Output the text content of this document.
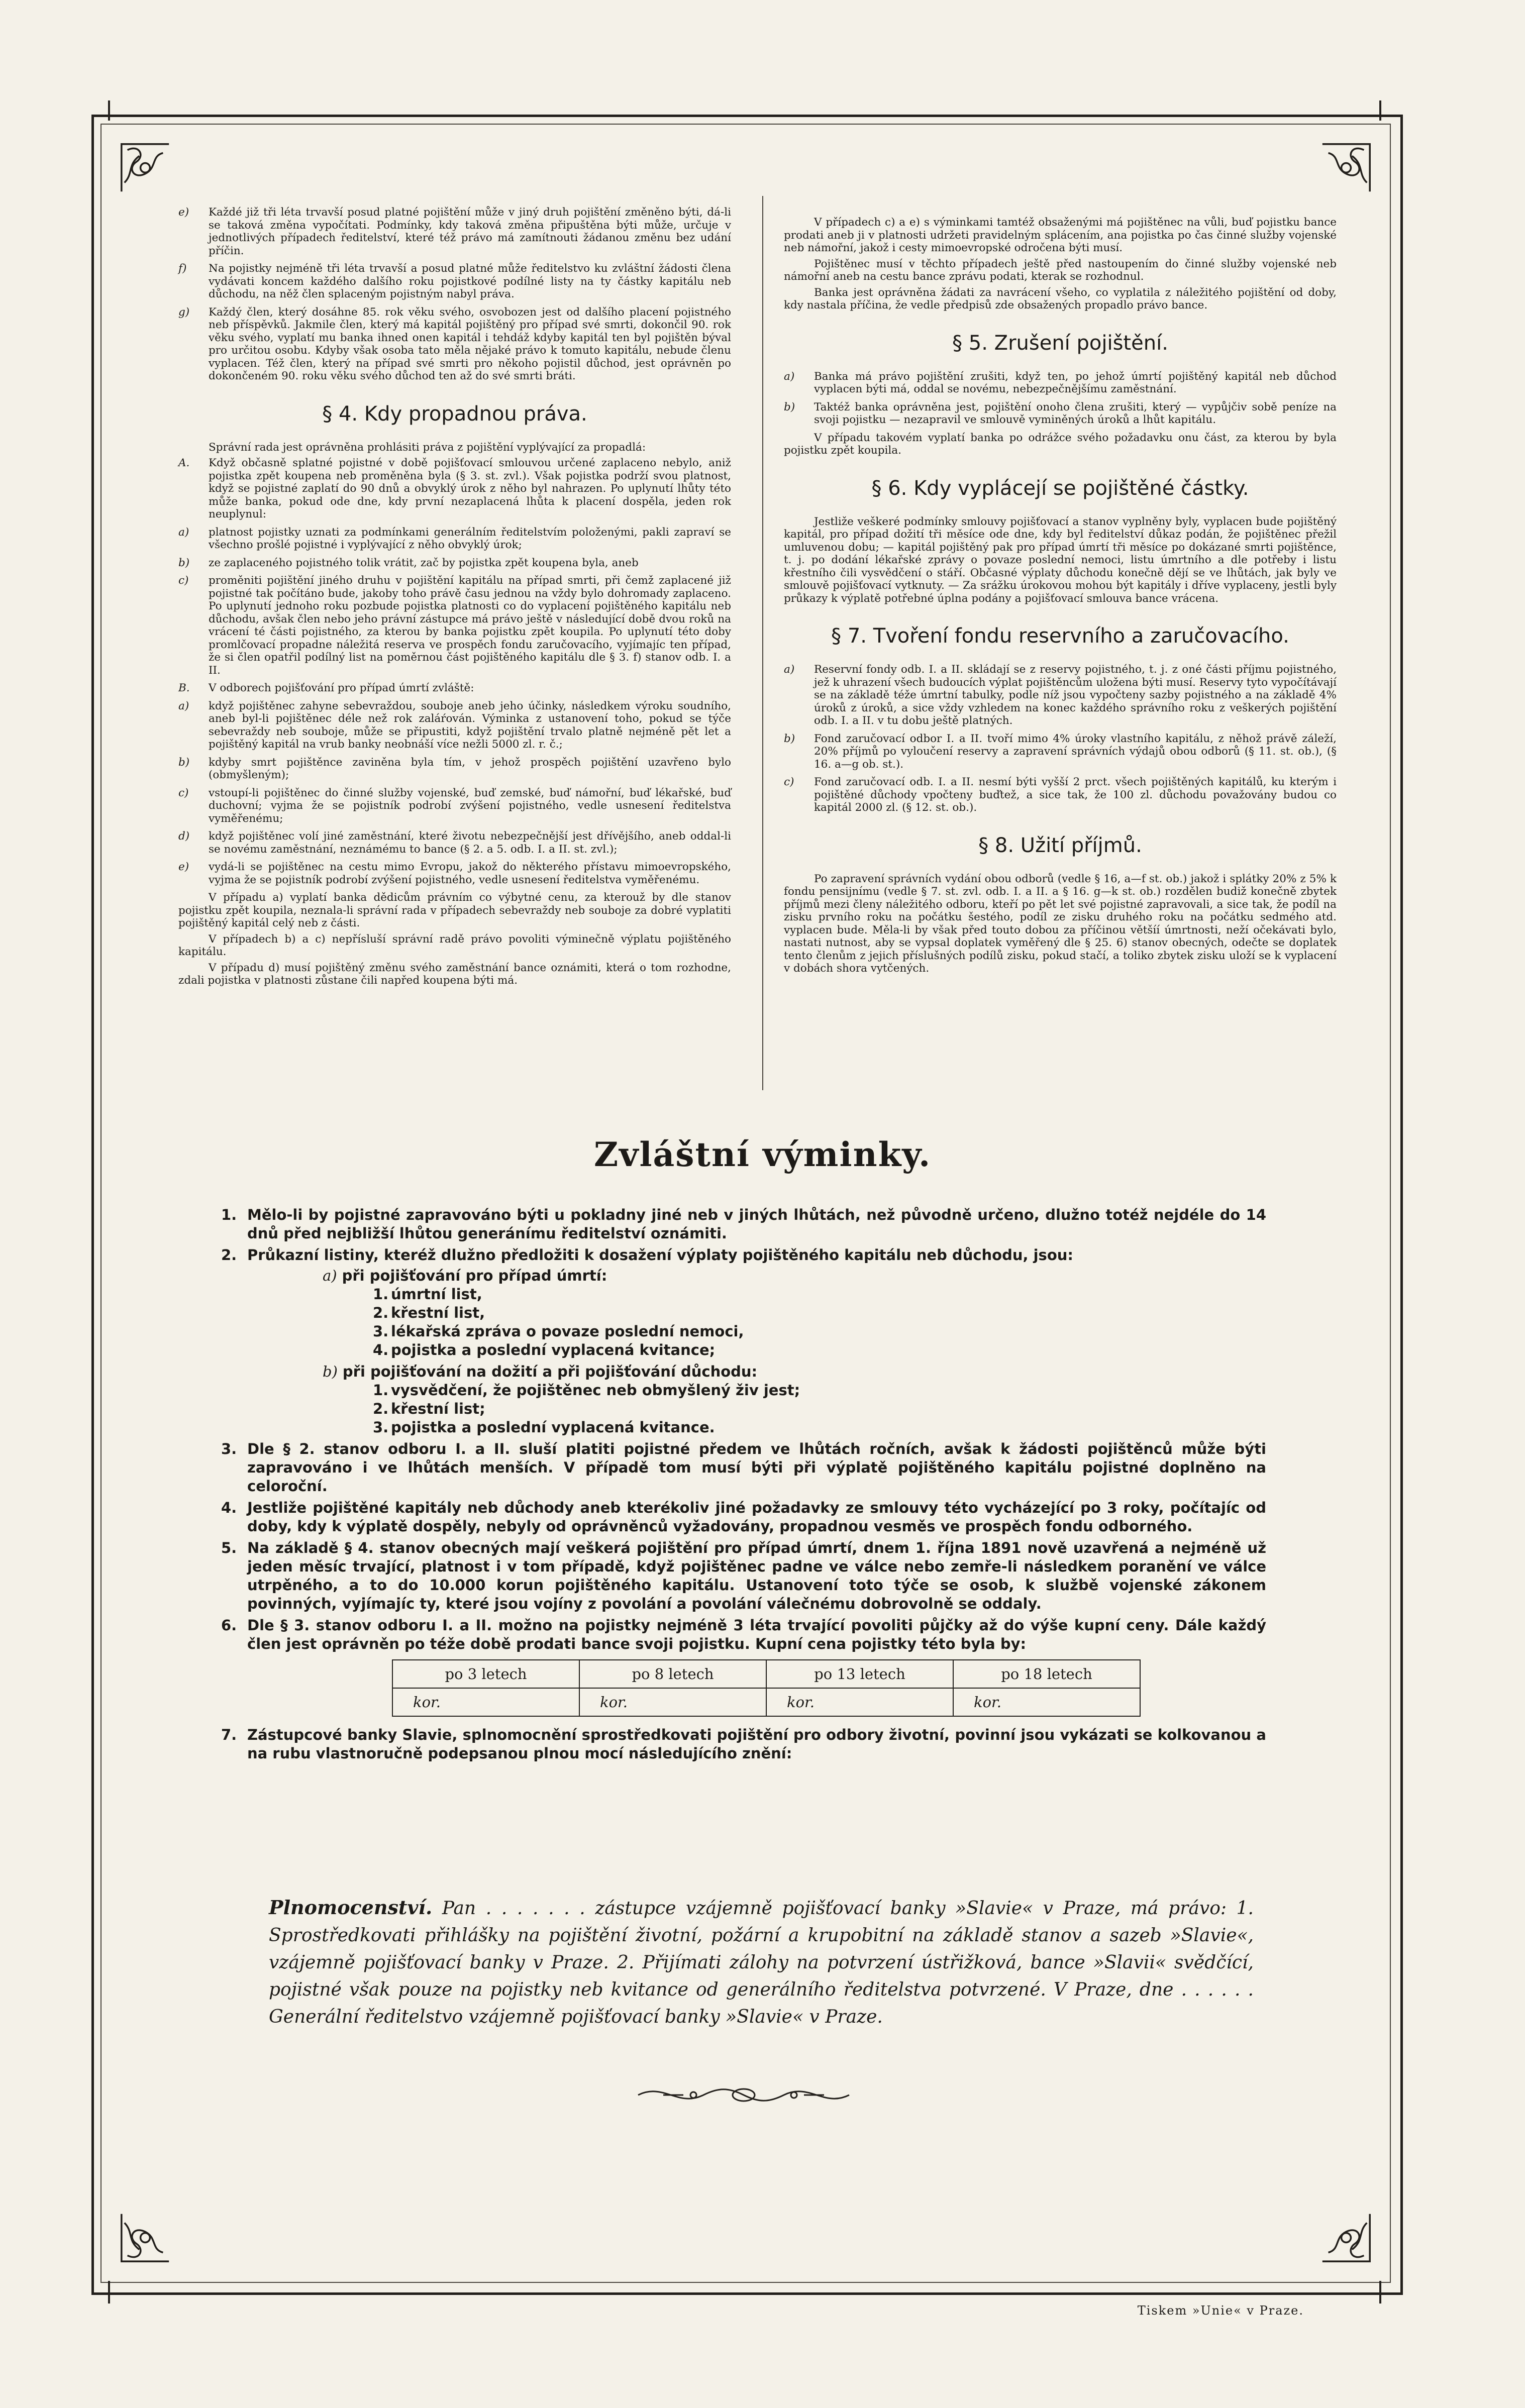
e) Každé již tři léta trvavší posud platné pojištění může v jiný druh pojištění změněno býti, dá-li se taková změna vypočítati. Podmínky, kdy taková změna připuštěna býti může, určuje v jednotlivých případech ředitelství, které též právo má zamítnouti žádanou změnu bez udání příčin.
f) Na pojistky nejméně tři léta trvavší a posud platné může ředitelstvo ku zvláštní žádosti člena vydávati koncem každého dalšího roku pojistkové podílné listy na ty částky kapitálu neb důchodu, na něž člen splaceným pojistným nabyl práva.
g) Každý člen, který dosáhne 85. rok věku svého, osvobozen jest od dalšího placení pojistného neb příspěvků. Jakmile člen, který má kapitál pojištěný pro případ své smrti, dokončil 90. rok věku svého, vyplatí mu banka ihned onen kapitál i tehdáž kdyby kapitál ten byl pojištěn býval pro určitou osobu. Kdyby však osoba tato měla nějaké právo k tomuto kapitálu, nebude členu vyplacen. Též člen, který na případ své smrti pro někoho pojistil důchod, jest oprávněn po dokončeném 90. roku věku svého důchod ten až do své smrti bráti.
§ 4. Kdy propadnou práva.

Správní rada jest oprávněna prohlásiti práva z pojištění vyplývající za propadlá:

A. Když občasně splatné pojistné v době pojišťovací smlouvou určené zaplaceno nebylo, aniž pojistka zpět koupena neb proměněna byla (§ 3. st. zvl.). Však pojistka podrží svou platnost, když se pojistné zaplatí do 90 dnů a obvyklý úrok z něho byl nahrazen. Po uplynutí lhůty této může banka, pokud ode dne, kdy první nezaplacená lhůta k placení dospěla, jeden rok neuplynul:
a) platnost pojistky uznati za podmínkami generálním ředitelstvím položenými, pakli zapraví se všechno prošlé pojistné i vyplývající z něho obvyklý úrok;
b) ze zaplaceného pojistného tolik vrátit, zač by pojistka zpět koupena byla, aneb
c) proměniti pojištění jiného druhu v pojištění kapitálu na případ smrti, při čemž zaplacené již pojistné tak počítáno bude, jakoby toho právě času jednou na vždy bylo dohromady zaplaceno. Po uplynutí jednoho roku pozbude pojistka platnosti co do vyplacení pojištěného kapitálu neb důchodu, avšak člen nebo jeho právní zástupce má právo ještě v následující době dvou roků na vrácení té části pojistného, za kterou by banka pojistku zpět koupila. Po uplynutí této doby promlčovací propadne náležitá reserva ve prospěch fondu zaručovacího, vyjímajíc ten případ, že si člen opatřil podílný list na poměrnou část pojištěného kapitálu dle § 3. f) stanov odb. I. a II.
B. V odborech pojišťování pro případ úmrtí zvláště:
a) když pojištěnec zahyne sebevraždou, souboje aneb jeho účinky, následkem výroku soudního, aneb byl-li pojištěnec déle než rok zaláŕován. Výminka z ustanovení toho, pokud se týče sebevraždy neb souboje, může se připustiti, když pojištění trvalo platně nejméně pět let a pojištěný kapitál na vrub banky neobnáší více nežli 5000 zl. r. č.;
b) kdyby smrt pojištěnce zaviněna byla tím, v jehož prospěch pojištění uzavřeno bylo (obmyšleným);
c) vstoupí-li pojištěnec do činné služby vojenské, buď zemské, buď námořní, buď lékařské, buď duchovní; vyjma že se pojistník podrobí zvýšení pojistného, vedle usnesení ředitelstva vyměřenému;
d) když pojištěnec volí jiné zaměstnání, které životu nebezpečnější jest dřívějšího, aneb oddal-li se novému zaměstnání, neznámému to bance (§ 2. a 5. odb. I. a II. st. zvl.);
e) vydá-li se pojištěnec na cestu mimo Evropu, jakož do některého přístavu mimoevropského, vyjma že se pojistník podrobí zvýšení pojistného, vedle usnesení ředitelstva vyměřenému.

V případu a) vyplatí banka dědicům právním co výbytné cenu, za kterouž by dle stanov pojistku zpět koupila, neznala-li správní rada v případech sebevraždy neb souboje za dobré vyplatiti pojištěný kapitál celý neb z části.

V případech b) a c) nepřísluší správní radě právo povoliti výminečně výplatu pojištěného kapitálu.

V případu d) musí pojištěný změnu svého zaměstnání bance oznámiti, která o tom rozhodne, zdali pojistka v platnosti zůstane čili napřed koupena býti má.

V případech c) a e) s výminkami tamtéž obsaženými má pojištěnec na vůli, buď pojistku bance prodati aneb ji v platnosti udržeti pravidelným splácením, ana pojistka po čas činné služby vojenské neb námořní, jakož i cesty mimoevropské odročena býti musí.

Pojištěnec musí v těchto případech ještě před nastoupením do činné služby vojenské neb námořní aneb na cestu bance zprávu podati, kterak se rozhodnul.

Banka jest oprávněna žádati za navrácení všeho, co vyplatila z náležitého pojištění od doby, kdy nastala příčina, že vedle předpisů zde obsažených propadlo právo bance.

§ 5. Zrušení pojištění.
a) Banka má právo pojištění zrušiti, když ten, po jehož úmrtí pojištěný kapitál neb důchod vyplacen býti má, oddal se novému, nebezpečnějšímu zaměstnání.
b) Taktéž banka oprávněna jest, pojištění onoho člena zrušiti, který — vypůjčiv sobě peníze na svoji pojistku — nezapravil ve smlouvě vyminěných úroků a lhůt kapitálu.

V případu takovém vyplatí banka po odrážce svého požadavku onu část, za kterou by byla pojistku zpět koupila.

§ 6. Kdy vyplácejí se pojištěné částky.

Jestliže veškeré podmínky smlouvy pojišťovací a stanov vyplněny byly, vyplacen bude pojištěný kapitál, pro případ dožití tři měsíce ode dne, kdy byl ředitelství důkaz podán, že pojištěnec přežil umluvenou dobu; — kapitál pojištěný pak pro případ úmrtí tři měsíce po dokázané smrti pojištěnce, t. j. po dodání lékařské zprávy o povaze poslední nemoci, listu úmrtního a dle potřeby i listu křestního čili vysvědčení o stáří. Občasné výplaty důchodu konečně dějí se ve lhůtách, jak byly ve smlouvě pojišťovací vytknuty. — Za srážku úrokovou mohou být kapitály i dříve vyplaceny, jestli byly průkazy k výplatě potřebné úplna podány a pojišťovací smlouva bance vrácena.

§ 7. Tvoření fondu reservního a zaručovacího.
a) Reservní fondy odb. I. a II. skládají se z reservy pojistného, t. j. z oné části příjmu pojistného, jež k uhrazení všech budoucích výplat pojištěncům uložena býti musí. Reservy tyto vypočítávají se na základě téže úmrtní tabulky, podle níž jsou vypočteny sazby pojistného a na základě 4% úroků z úroků, a sice vždy vzhledem na konec každého správního roku z veškerých pojištění odb. I. a II. v tu dobu ještě platných.
b) Fond zaručovací odbor I. a II. tvoří mimo 4% úroky vlastního kapitálu, z něhož právě záleží, 20% příjmů po vyloučení reservy a zapravení správních výdajů obou odborů (§ 11. st. ob.), (§ 16. a—g ob. st.).
c) Fond zaručovací odb. I. a II. nesmí býti vyšší 2 prct. všech pojištěných kapitálů, ku kterým i pojištěné důchody vpočteny buďtež, a sice tak, že 100 zl. důchodu považovány budou co kapitál 2000 zl. (§ 12. st. ob.).
§ 8. Užití příjmů.

Po zapravení správních vydání obou odborů (vedle § 16, a—f st. ob.) jakož i splátky 20% z 5% k fondu pensijnímu (vedle § 7. st. zvl. odb. I. a II. a § 16. g—k st. ob.) rozdělen budiž konečně zbytek příjmů mezi členy náležitého odboru, kteří po pět let své pojistné zapravovali, a sice tak, že podíl na zisku prvního roku na počátku šestého, podíl ze zisku druhého roku na počátku sedmého atd. vyplacen bude. Měla-li by však před touto dobou za příčinou většíí úmrtnosti, neží očekávati bylo, nastati nutnost, aby se vypsal doplatek vyměřený dle § 25. 6) stanov obecných, odečte se doplatek tento členům z jejich příslušných podílů zisku, pokud stačí, a toliko zbytek zisku uloží se k vyplacení v dobách shora vytčených.

Zvláštní výminky.
1. Mělo-li by pojistné zapravováno býti u pokladny jiné neb v jiných lhůtách, než původně určeno, dlužno totéž nejdéle do 14 dnů před nejbližší lhůtou generánímu ředitelství oznámiti.
2. Průkazní listiny, kteréž dlužno předložiti k dosažení výplaty pojištěného kapitálu neb důchodu, jsou:
a) při pojišťování pro případ úmrtí:
1. úmrtní list,
2. křestní list,
3. lékařská zpráva o povaze poslední nemoci,
4. pojistka a poslední vyplacená kvitance;
b) při pojišťování na dožití a při pojišťování důchodu:
1. vysvědčení, že pojištěnec neb obmyšlený živ jest;
2. křestní list;
3. pojistka a poslední vyplacená kvitance.
3. Dle § 2. stanov odboru I. a II. sluší platiti pojistné předem ve lhůtách ročních, avšak k žádosti pojištěnců může býti zapravováno i ve lhůtách menších. V případě tom musí býti při výplatě pojištěného kapitálu pojistné doplněno na celoroční.
4. Jestliže pojištěné kapitály neb důchody aneb kterékoliv jiné požadavky ze smlouvy této vycházející po 3 roky, počítajíc od doby, kdy k výplatě dospěly, nebyly od oprávněnců vyžadovány, propadnou vesměs ve prospěch fondu odborného.
5. Na základě § 4. stanov obecných mají veškerá pojištění pro případ úmrtí, dnem 1. října 1891 nově uzavřená a nejméně už jeden měsíc trvající, platnost i v tom případě, když pojištěnec padne ve válce nebo zemře-li následkem poranění ve válce utrpěného, a to do 10.000 korun pojištěného kapitálu. Ustanovení toto týče se osob, k službě vojenské zákonem povinných, vyjímajíc ty, které jsou vojíny z povolání a povolání válečnému dobrovolně se oddaly.
6. Dle § 3. stanov odboru I. a II. možno na pojistky nejméně 3 léta trvající povoliti půjčky až do výše kupní ceny. Dále každý člen jest oprávněn po téže době prodati bance svoji pojistku. Kupní cena pojistky této byla by:
po 3 letech	po 8 letech	po 13 letech	po 18 letech
kor.	kor.	kor.	kor.
7. Zástupcové banky Slavie, splnomocnění sprostředkovati pojištění pro odbory životní, povinní jsou vykázati se kolkovanou a na rubu vlastnoručně podepsanou plnou mocí následujícího znění:
Plnomocenství. Pan . . . . . . . zástupce vzájemně pojišťovací banky »Slavie« v Praze, má právo: 1. Sprostředkovati přihlášky na pojištění životní, požární a krupobitní na základě stanov a sazeb »Slavie«, vzájemně pojišťovací banky v Praze. 2. Přijímati zálohy na potvrzení ústřižková, bance »Slavii« svědčící, pojistné však pouze na pojistky neb kvitance od generálního ředitelstva potvrzené. V Praze, dne . . . . . . Generální ředitelstvo vzájemně pojišťovací banky »Slavie« v Praze.
Tiskem »Unie« v Praze.
